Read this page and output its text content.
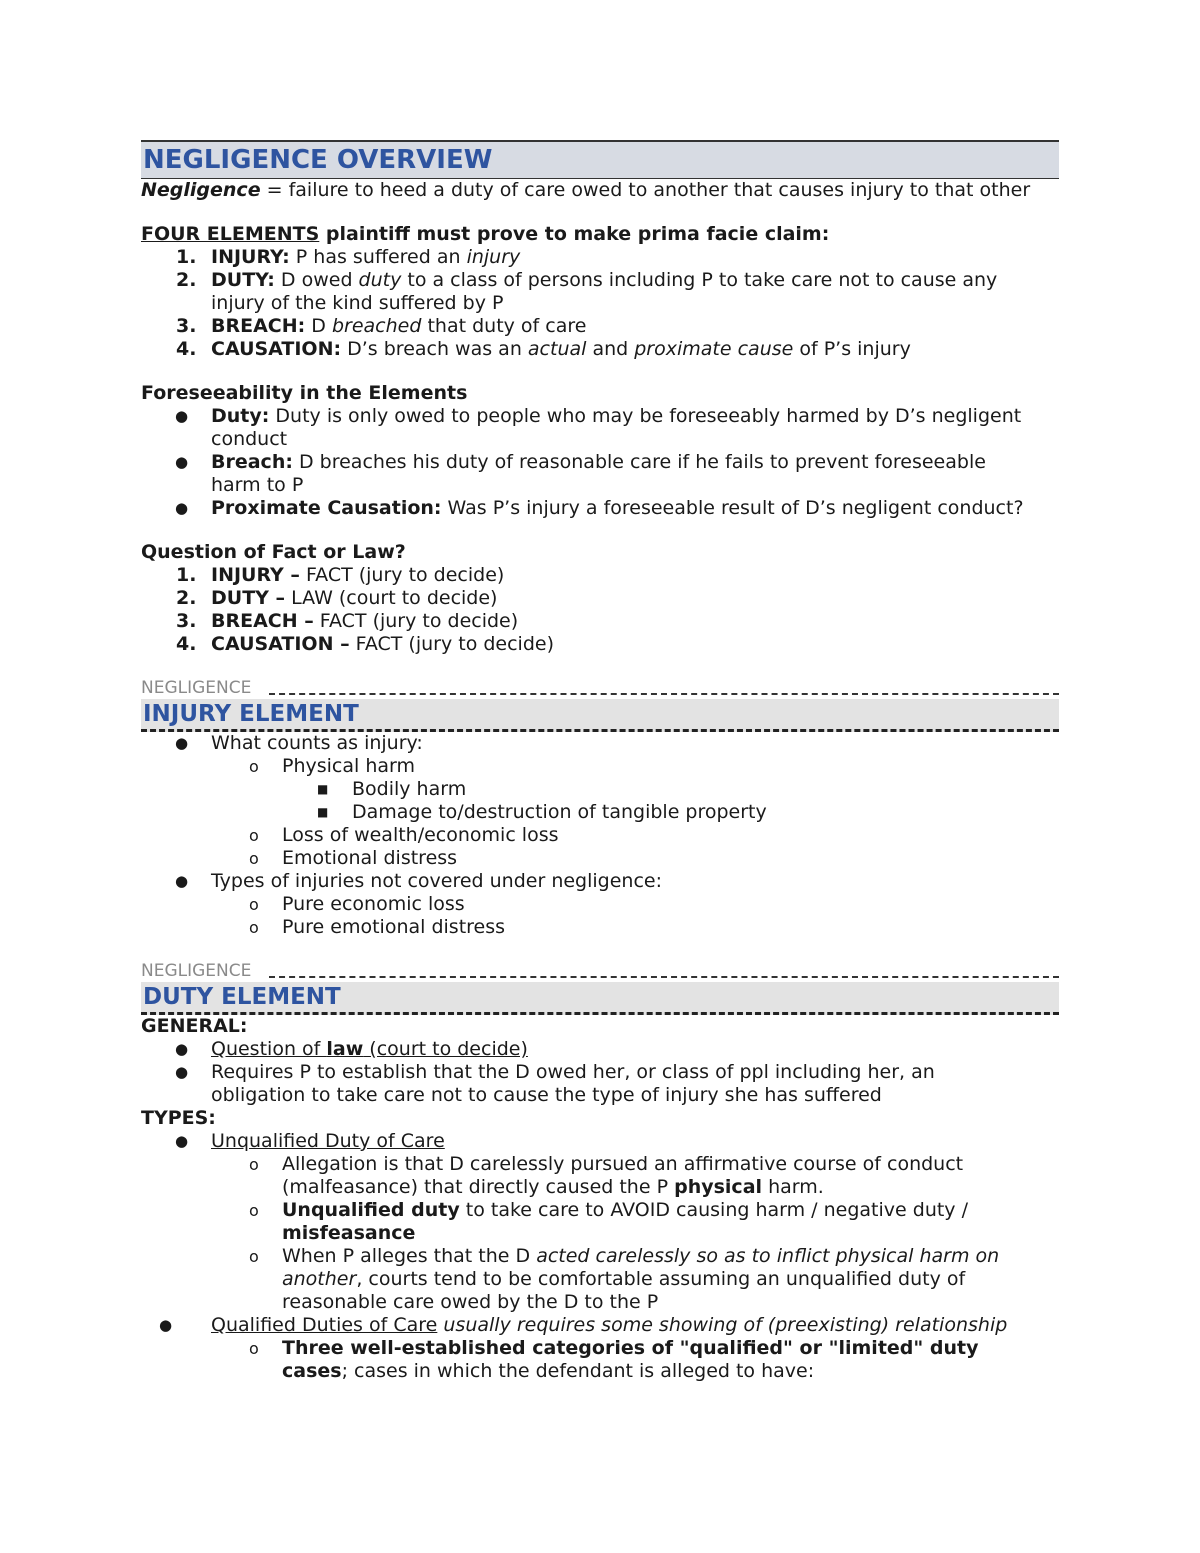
NEGLIGENCE OVERVIEW
Negligence = failure to heed a duty of care owed to another that causes injury to that other
FOUR ELEMENTS plaintiff must prove to make prima facie claim:
1. INJURY: P has suffered an injury
2. DUTY: D owed duty to a class of persons including P to take care not to cause any
injury of the kind suffered by P
3. BREACH: D breached that duty of care
4. CAUSATION: D’s breach was an actual and proximate cause of P’s injury
Foreseeability in the Elements
● Duty: Duty is only owed to people who may be foreseeably harmed by D’s negligent
conduct
● Breach: D breaches his duty of reasonable care if he fails to prevent foreseeable
harm to P
● Proximate Causation: Was P’s injury a foreseeable result of D’s negligent conduct?
Question of Fact or Law?
1. INJURY – FACT (jury to decide)
2. DUTY – LAW (court to decide)
3. BREACH – FACT (jury to decide)
4. CAUSATION – FACT (jury to decide)
NEGLIGENCE
INJURY ELEMENT
● What counts as injury:
o Physical harm
■ Bodily harm
■ Damage to/destruction of tangible property
o Loss of wealth/economic loss
o Emotional distress
● Types of injuries not covered under negligence:
o Pure economic loss
o Pure emotional distress
NEGLIGENCE
DUTY ELEMENT
GENERAL:
● Question of law (court to decide)
● Requires P to establish that the D owed her, or class of ppl including her, an
obligation to take care not to cause the type of injury she has suffered
TYPES:
● Unqualified Duty of Care
o Allegation is that D carelessly pursued an affirmative course of conduct
(malfeasance) that directly caused the P physical harm.
o Unqualified duty to take care to AVOID causing harm / negative duty /
misfeasance
o When P alleges that the D acted carelessly so as to inflict physical harm on
another, courts tend to be comfortable assuming an unqualified duty of
reasonable care owed by the D to the P
● Qualified Duties of Care usually requires some showing of (preexisting) relationship
o Three well-established categories of "qualified" or "limited" duty
cases; cases in which the defendant is alleged to have:
